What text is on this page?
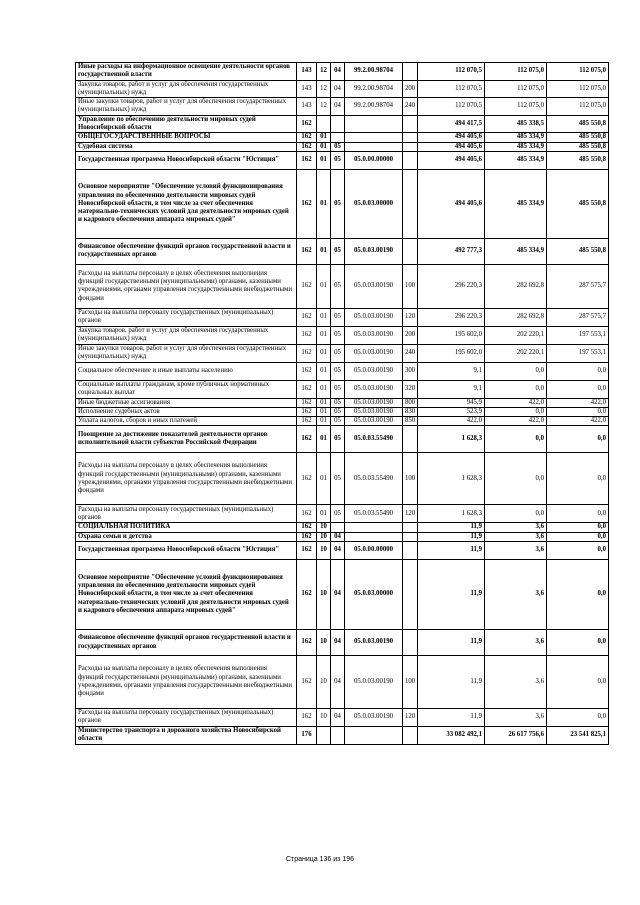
Иные расходы на информационное освещение деятельности органов государственной власти	143	12	04	99.2.00.98704		112 070,5	112 075,0	112 075,0
Закупка товаров, работ и услуг для обеспечения государственных (муниципальных) нужд	143	12	04	99.2.00.98704	200	112 070,5	112 075,0	112 075,0
Иные закупки товаров, работ и услуг для обеспечения государственных (муниципальных) нужд	143	12	04	99.2.00.98704	240	112 070,5	112 075,0	112 075,0
Управление по обеспечению деятельности мировых судей Новосибирской области	162					494 417,5	485 338,5	485 550,8
ОБЩЕГОСУДАРСТВЕННЫЕ ВОПРОСЫ	162	01				494 405,6	485 334,9	485 550,8
Судебная система	162	01	05			494 405,6	485 334,9	485 550,8
Государственная программа Новосибирской области "Юстиция"	162	01	05	05.0.00.00000		494 405,6	485 334,9	485 550,8
Основное мероприятие "Обеспечение условий функционирования управления по обеспечению деятельности мировых судей Новосибирской области, в том числе за счет обеспечения материально-технических условий для деятельности мировых судей и кадрового обеспечения аппарата мировых судей"	162	01	05	05.0.03.00000		494 405,6	485 334,9	485 550,8
Финансовое обеспечение функций органов государственной власти и государственных органов	162	01	05	05.0.03.00190		492 777,3	485 334,9	485 550,8
Расходы на выплаты персоналу в целях обеспечения выполнения функций государственными (муниципальными) органами, казенными учреждениями, органами управления государственными внебюджетными фондами	162	01	05	05.0.03.00190	100	296 220,3	282 692,8	287 575,7
Расходы на выплаты персоналу государственных (муниципальных) органов	162	01	05	05.0.03.00190	120	296 220,3	282 692,8	287 575,7
Закупка товаров, работ и услуг для обеспечения государственных (муниципальных) нужд	162	01	05	05.0.03.00190	200	195 602,0	202 220,1	197 553,1
Иные закупки товаров, работ и услуг для обеспечения государственных (муниципальных) нужд	162	01	05	05.0.03.00190	240	195 602,0	202 220,1	197 553,1
Социальное обеспечение и иные выплаты населению	162	01	05	05.0.03.00190	300	9,1	0,0	0,0
Социальные выплаты гражданам, кроме публичных нормативных социальных выплат	162	01	05	05.0.03.00190	320	9,1	0,0	0,0
Иные бюджетные ассигнования	162	01	05	05.0.03.00190	800	945,9	422,0	422,0
Исполнение судебных актов	162	01	05	05.0.03.00190	830	523,9	0,0	0,0
Уплата налогов, сборов и иных платежей	162	01	05	05.0.03.00190	850	422,0	422,0	422,0
Поощрение за достижение показателей деятельности органов исполнительной власти субъектов Российской Федерации	162	01	05	05.0.03.55490		1 628,3	0,0	0,0
Расходы на выплаты персоналу в целях обеспечения выполнения функций государственными (муниципальными) органами, казенными учреждениями, органами управления государственными внебюджетными фондами	162	01	05	05.0.03.55490	100	1 628,3	0,0	0,0
Расходы на выплаты персоналу государственных (муниципальных) органов	162	01	05	05.0.03.55490	120	1 628,3	0,0	0,0
СОЦИАЛЬНАЯ ПОЛИТИКА	162	10				11,9	3,6	0,0
Охрана семьи и детства	162	10	04			11,9	3,6	0,0
Государственная программа Новосибирской области "Юстиция"	162	10	04	05.0.00.00000		11,9	3,6	0,0
Основное мероприятие "Обеспечение условий функционирования управления по обеспечению деятельности мировых судей Новосибирской области, в том числе за счет обеспечения материально-технических условий для деятельности мировых судей и кадрового обеспечения аппарата мировых судей"	162	10	04	05.0.03.00000		11,9	3,6	0,0
Финансовое обеспечение функций органов государственной власти и государственных органов	162	10	04	05.0.03.00190		11,9	3,6	0,0
Расходы на выплаты персоналу в целях обеспечения выполнения функций государственными (муниципальными) органами, казенными учреждениями, органами управления государственными внебюджетными фондами	162	10	04	05.0.03.00190	100	11,9	3,6	0,0
Расходы на выплаты персоналу государственных (муниципальных) органов	162	10	04	05.0.03.00190	120	11,9	3,6	0,0
Министерство транспорта и дорожного хозяйства Новосибирской области	176					33 082 492,1	26 617 756,6	23 541 825,1
Страница 136 из 196
